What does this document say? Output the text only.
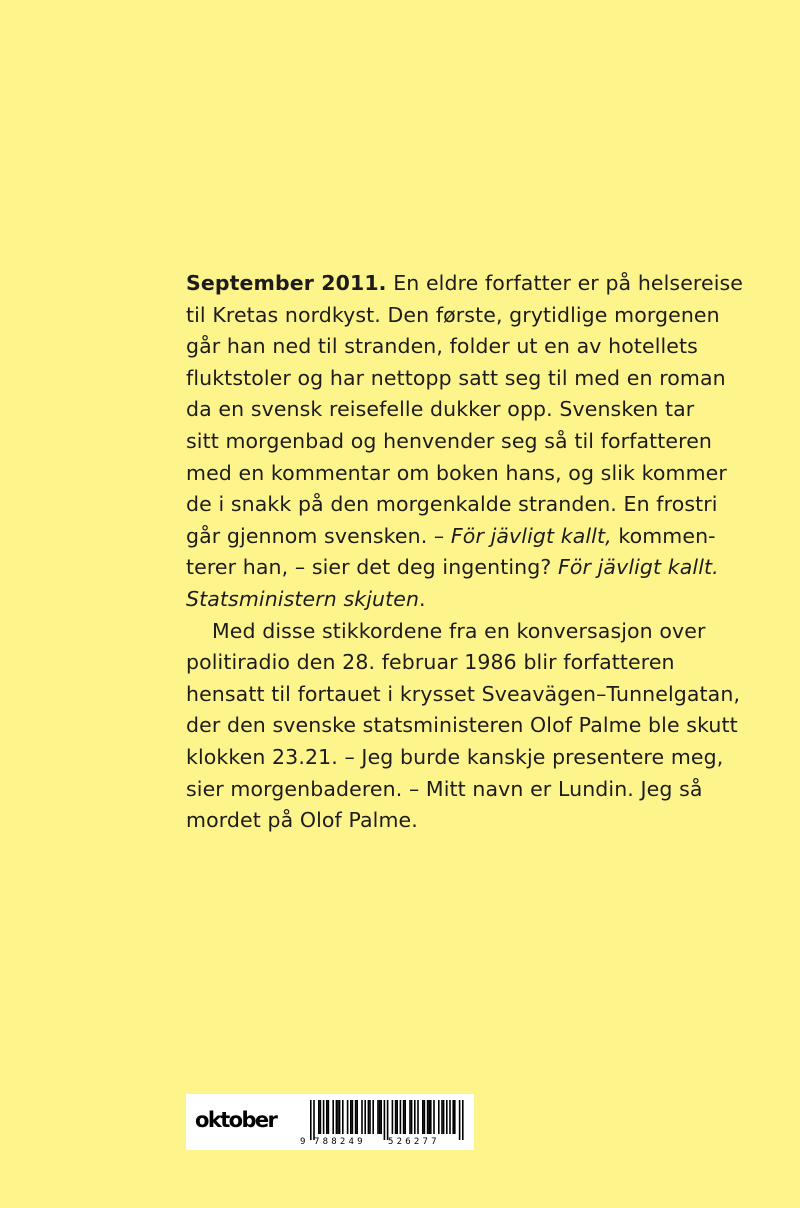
September 2011. En eldre forfatter er på helsereise
til Kretas nordkyst. Den første, grytidlige morgenen
går han ned til stranden, folder ut en av hotellets
fluktstoler og har nettopp satt seg til med en roman
da en svensk reisefelle dukker opp. Svensken tar
sitt morgenbad og henvender seg så til forfatteren
med en kommentar om boken hans, og slik kommer
de i snakk på den morgenkalde stranden. En frostri
går gjennom svensken. – För jävligt kallt, kommen-
terer han, – sier det deg ingenting? För jävligt kallt.
Statsministern skjuten.
Med disse stikkordene fra en konversasjon over
politiradio den 28. februar 1986 blir forfatteren
hensatt til fortauet i krysset Sveavägen–Tunnelgatan,
der den svenske statsministeren Olof Palme ble skutt
klokken 23.21. – Jeg burde kanskje presentere meg,
sier morgenbaderen. – Mitt navn er Lundin. Jeg så
mordet på Olof Palme.
oktober
9 788249 526277
